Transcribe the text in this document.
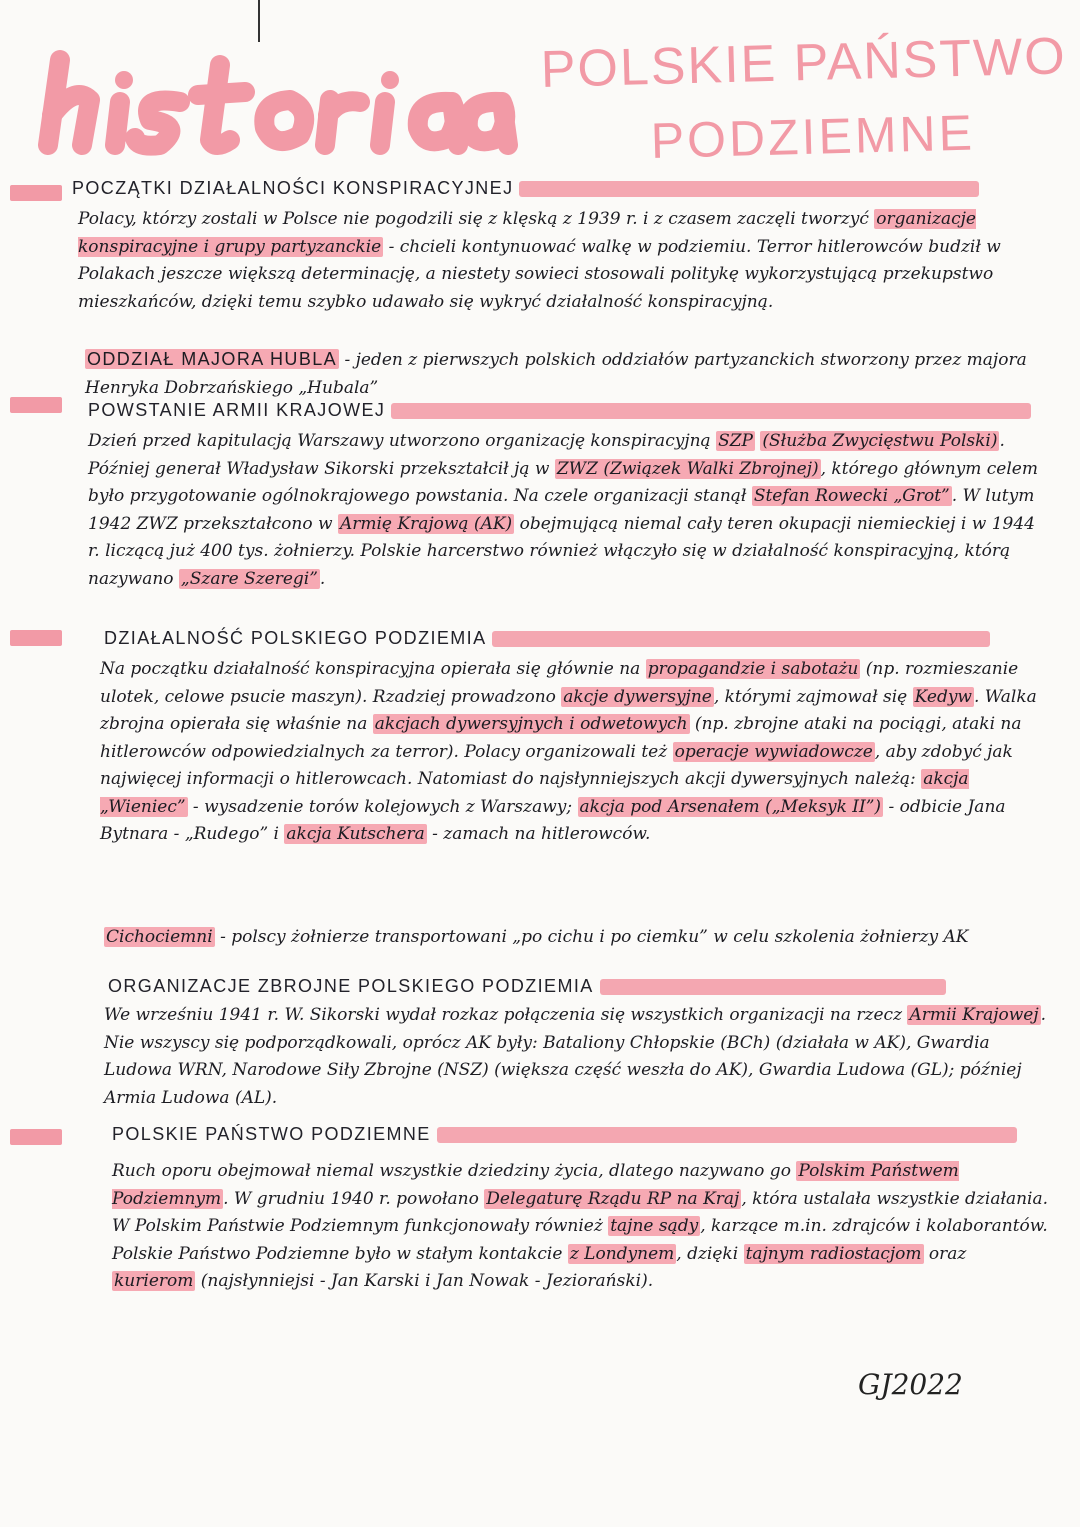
POLSKIE PAŃSTWO
PODZIEMNE
POCZĄTKI DZIAŁALNOŚCI KONSPIRACYJNEJ
Polacy, którzy zostali w Polsce nie pogodzili się z klęską z 1939 r. i z czasem zaczęli tworzyć organizacje konspiracyjne i grupy partyzanckie - chcieli kontynuować walkę w podziemiu. Terror hitlerowców budził w Polakach jeszcze większą determinację, a niestety sowieci stosowali politykę wykorzystującą przekupstwo mieszkańców, dzięki temu szybko udawało się wykryć działalność konspiracyjną.
ODDZIAŁ MAJORA HUBLA - jeden z pierwszych polskich oddziałów partyzanckich stworzony przez majora Henryka Dobrzańskiego „Hubala”
POWSTANIE ARMII KRAJOWEJ
Dzień przed kapitulacją Warszawy utworzono organizację konspiracyjną SZP (Służba Zwycięstwu Polski) . Później generał Władysław Sikorski przekształcił ją w ZWZ (Związek Walki Zbrojnej) , którego głównym celem było przygotowanie ogólnokrajowego powstania. Na czele organizacji stanął Stefan Rowecki „Grot” . W lutym 1942 ZWZ przekształcono w Armię Krajową (AK) obejmującą niemal cały teren okupacji niemieckiej i w 1944 r. liczącą już 400 tys. żołnierzy. Polskie harcerstwo również włączyło się w działalność konspiracyjną, którą nazywano „Szare Szeregi” .
DZIAŁALNOŚĆ POLSKIEGO PODZIEMIA
Na początku działalność konspiracyjna opierała się głównie na propagandzie i sabotażu (np. rozmieszanie ulotek, celowe psucie maszyn). Rzadziej prowadzono akcje dywersyjne , którymi zajmował się Kedyw . Walka zbrojna opierała się właśnie na akcjach dywersyjnych i odwetowych (np. zbrojne ataki na pociągi, ataki na hitlerowców odpowiedzialnych za terror). Polacy organizowali też operacje wywiadowcze , aby zdobyć jak najwięcej informacji o hitlerowcach. Natomiast do najsłynniejszych akcji dywersyjnych należą: akcja „Wieniec” - wysadzenie torów kolejowych z Warszawy; akcja pod Arsenałem („Meksyk II”) - odbicie Jana Bytnara - „Rudego” i akcja Kutschera - zamach na hitlerowców.
Cichociemni - polscy żołnierze transportowani „po cichu i po ciemku” w celu szkolenia żołnierzy AK
ORGANIZACJE ZBROJNE POLSKIEGO PODZIEMIA
We wrześniu 1941 r. W. Sikorski wydał rozkaz połączenia się wszystkich organizacji na rzecz Armii Krajowej . Nie wszyscy się podporządkowali, oprócz AK były: Bataliony Chłopskie (BCh) (działała w AK), Gwardia Ludowa WRN, Narodowe Siły Zbrojne (NSZ) (większa część weszła do AK), Gwardia Ludowa (GL); później Armia Ludowa (AL).
POLSKIE PAŃSTWO PODZIEMNE
Ruch oporu obejmował niemal wszystkie dziedziny życia, dlatego nazywano go Polskim Państwem Podziemnym . W grudniu 1940 r. powołano Delegaturę Rządu RP na Kraj , która ustalała wszystkie działania. W Polskim Państwie Podziemnym funkcjonowały również tajne sądy , karzące m.in. zdrajców i kolaborantów. Polskie Państwo Podziemne było w stałym kontakcie z Londynem , dzięki tajnym radiostacjom oraz kurierom (najsłynniejsi - Jan Karski i Jan Nowak - Jeziorański).
GJ2022
